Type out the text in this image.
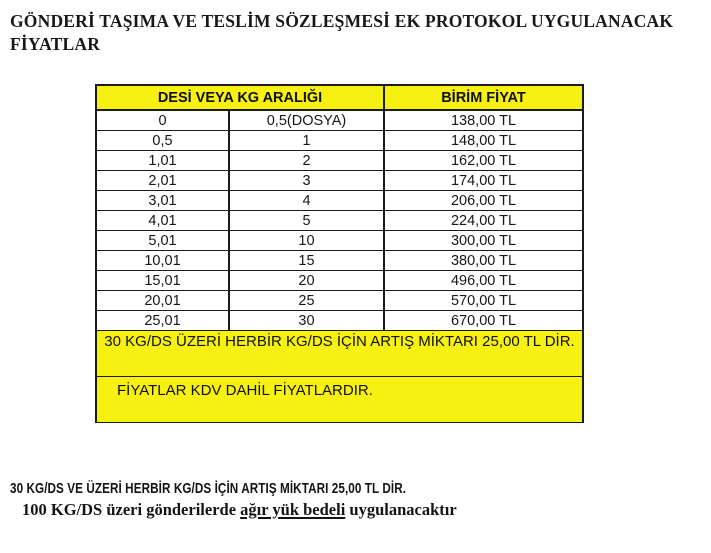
GÖNDERİ TAŞIMA VE TESLİM SÖZLEŞMESİ EK PROTOKOL UYGULANACAK FİYATLAR
DESİ VEYA KG ARALIĞI		BİRİM FİYAT
0	0,5(DOSYA)	138,00 TL
0,5	1	148,00 TL
1,01	2	162,00 TL
2,01	3	174,00 TL
3,01	4	206,00 TL
4,01	5	224,00 TL
5,01	10	300,00 TL
10,01	15	380,00 TL
15,01	20	496,00 TL
20,01	25	570,00 TL
25,01	30	670,00 TL
30 KG/DS ÜZERİ HERBİR KG/DS İÇİN ARTIŞ MİKTARI 25,00 TL DİR.		
FİYATLAR KDV DAHİL FİYATLARDIR.		
30 KG/DS VE ÜZERİ HERBİR KG/DS İÇİN ARTIŞ MİKTARI 25,00 TL DİR.
100 KG/DS üzeri gönderilerde ağır yük bedeli uygulanacaktır
